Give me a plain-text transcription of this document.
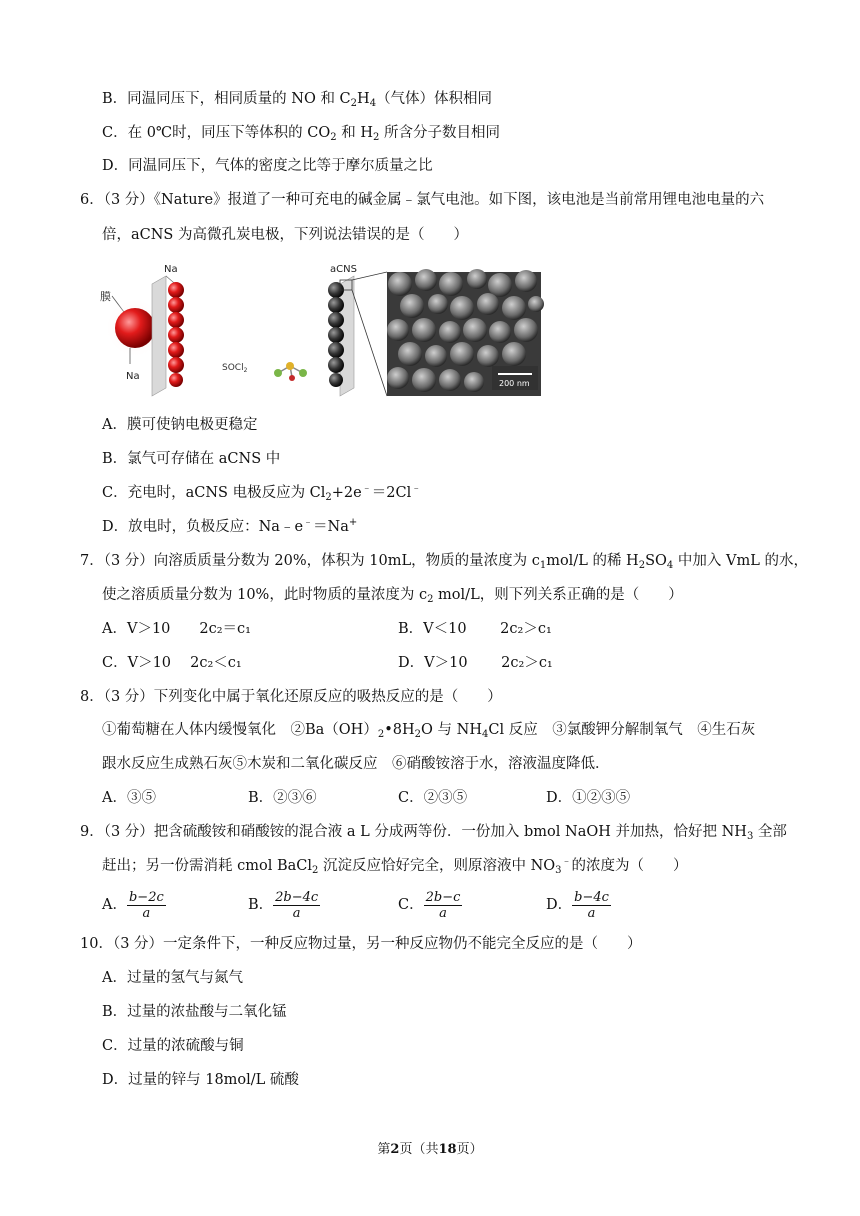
B．同温同压下，相同质量的 NO 和 $C_2H_4$（气体）体积相同
C．在 0℃时，同压下等体积的 $CO_2$ 和 $H_2$ 所含分子数目相同
D．同温同压下，气体的密度之比等于摩尔质量之比
6．（3 分）《Nature》报道了一种可充电的碱金属﹣氯气电池。如下图，该电池是当前常用锂电池电量的六
倍，aCNS 为高微孔炭电极，下列说法错误的是（　　）
膜
Na
Na
SOCl$_2$
aCNS
200 nm
A．膜可使钠电极更稳定
B．氯气可存储在 aCNS 中
C．充电时，aCNS 电极反应为 $Cl_2+2e^﹣=2Cl^﹣$
D．放电时，负极反应：Na﹣e﹣＝Na+
7．（3 分）向溶质质量分数为 20%，体积为 10mL，物质的量浓度为 $c_1mol/L$ 的稀 $H_2SO_4$ 中加入 VmL 的水，
使之溶质质量分数为 10%，此时物质的量浓度为 $c_2$ mol/L，则下列关系正确的是（　　）
A．V＞10　　2c₂＝c₁	B．V＜10　　 2c₂＞c₁
C．V＞10　 2c₂＜c₁	D．V＞10　　 2c₂＞c₁
8．（3 分）下列变化中属于氧化还原反应的吸热反应的是（　　）
①葡萄糖在人体内缓慢氧化　$②Ba(OH)_2•8H_2O$ 与 $NH_4Cl$ 反应　③氯酸钾分解制氧气　④生石灰
跟水反应生成熟石灰⑤木炭和二氧化碳反应　⑥硝酸铵溶于水，溶液温度降低．
A．③⑤	B．②③⑥	C．②③⑤	D．①②③⑤
9．（3 分）把含硫酸铵和硝酸铵的混合液 a L 分成两等份．一份加入 bmol NaOH 并加热，恰好把 $NH_3$ 全部
赶出；另一份需消耗 cmol BaCl$_2$ 沉淀反应恰好完全，则原溶液中 $NO_3^﹣$的浓度为（　　）
A． $\frac{b-2c}{a}$	B． $\frac{2b-4c}{a}$	C． $\frac{2b-c}{a}$	D． $\frac{b-4c}{a}$
10．（3 分）一定条件下，一种反应物过量，另一种反应物仍不能完全反应的是（　　）
A．过量的氢气与氮气
B．过量的浓盐酸与二氧化锰
C．过量的浓硫酸与铜
D．过量的锌与 18mol/L 硫酸
第2页（共18页）
